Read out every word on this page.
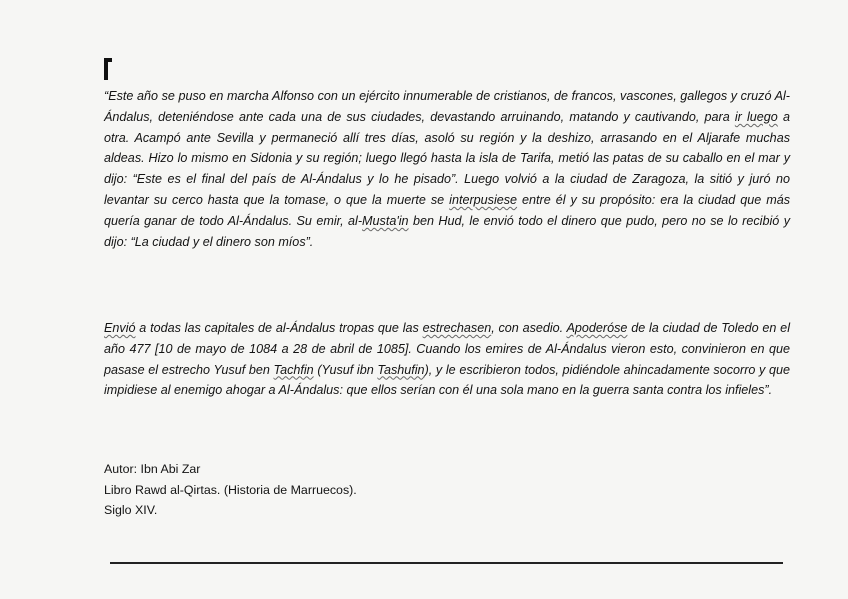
“Este año se puso en marcha Alfonso con un ejército innumerable de cristianos, de francos, vascones, gallegos y cruzó Al-Ándalus, deteniéndose ante cada una de sus ciudades, devastando arruinando, matando y cautivando, para ir luego a otra. Acampó ante Sevilla y permaneció allí tres días, asoló su región y la deshizo, arrasando en el Aljarafe muchas aldeas. Hizo lo mismo en Sidonia y su región; luego llegó hasta la isla de Tarifa, metió las patas de su caballo en el mar y dijo: “Este es el final del país de Al-Ándalus y lo he pisado”. Luego volvió a la ciudad de Zaragoza, la sitió y juró no levantar su cerco hasta que la tomase, o que la muerte se interpusiese entre él y su propósito: era la ciudad que más quería ganar de todo Al-Ándalus. Su emir, al-Musta'in ben Hud, le envió todo el dinero que pudo, pero no se lo recibió y dijo: “La ciudad y el dinero son míos”.

Envió a todas las capitales de al-Ándalus tropas que las estrechasen, con asedio. Apoderóse de la ciudad de Toledo en el año 477 [10 de mayo de 1084 a 28 de abril de 1085]. Cuando los emires de Al-Ándalus vieron esto, convinieron en que pasase el estrecho Yusuf ben Tachfin (Yusuf ibn Tashufin), y le escribieron todos, pidiéndole ahincadamente socorro y que impidiese al enemigo ahogar a Al-Ándalus: que ellos serían con él una sola mano en la guerra santa contra los infieles”.

Autor: Ibn Abi Zar
Libro Rawd al-Qirtas. (Historia de Marruecos).
Siglo XIV.
